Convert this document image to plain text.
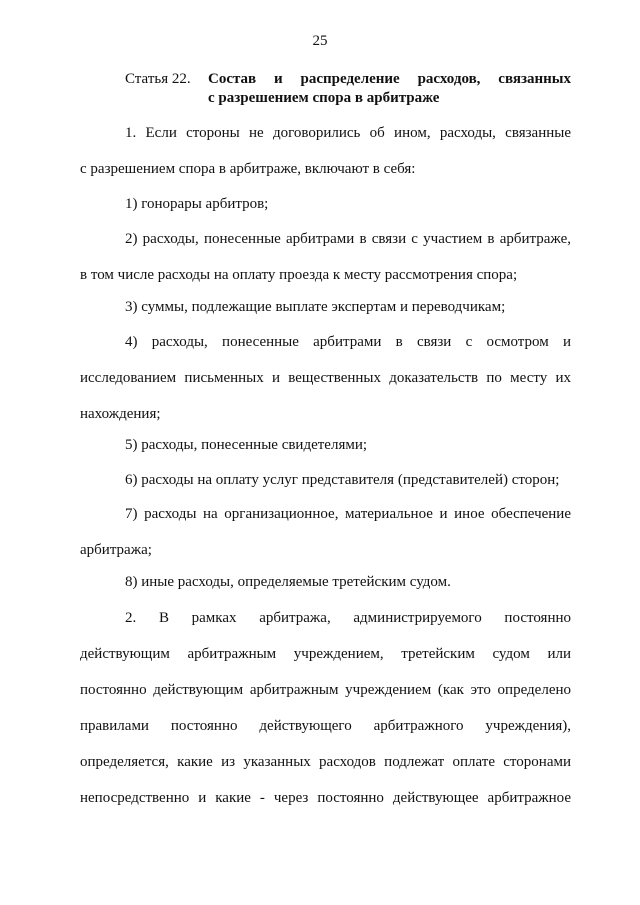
25
Статья 22. Состав и распределение расходов, связанных
с разрешением спора в арбитраже
1. Если стороны не договорились об ином, расходы, связанные
с разрешением спора в арбитраже, включают в себя:
1) гонорары арбитров;
2) расходы, понесенные арбитрами в связи с участием в арбитраже,
в том числе расходы на оплату проезда к месту рассмотрения спора;
3) суммы, подлежащие выплате экспертам и переводчикам;
4) расходы, понесенные арбитрами в связи с осмотром и
исследованием письменных и вещественных доказательств по месту их
нахождения;
5) расходы, понесенные свидетелями;
6) расходы на оплату услуг представителя (представителей) сторон;
7) расходы на организационное, материальное и иное обеспечение
арбитража;
8) иные расходы, определяемые третейским судом.
2. В рамках арбитража, администрируемого постоянно
действующим арбитражным учреждением, третейским судом или
постоянно действующим арбитражным учреждением (как это определено
правилами постоянно действующего арбитражного учреждения),
определяется, какие из указанных расходов подлежат оплате сторонами
непосредственно и какие - через постоянно действующее арбитражное
